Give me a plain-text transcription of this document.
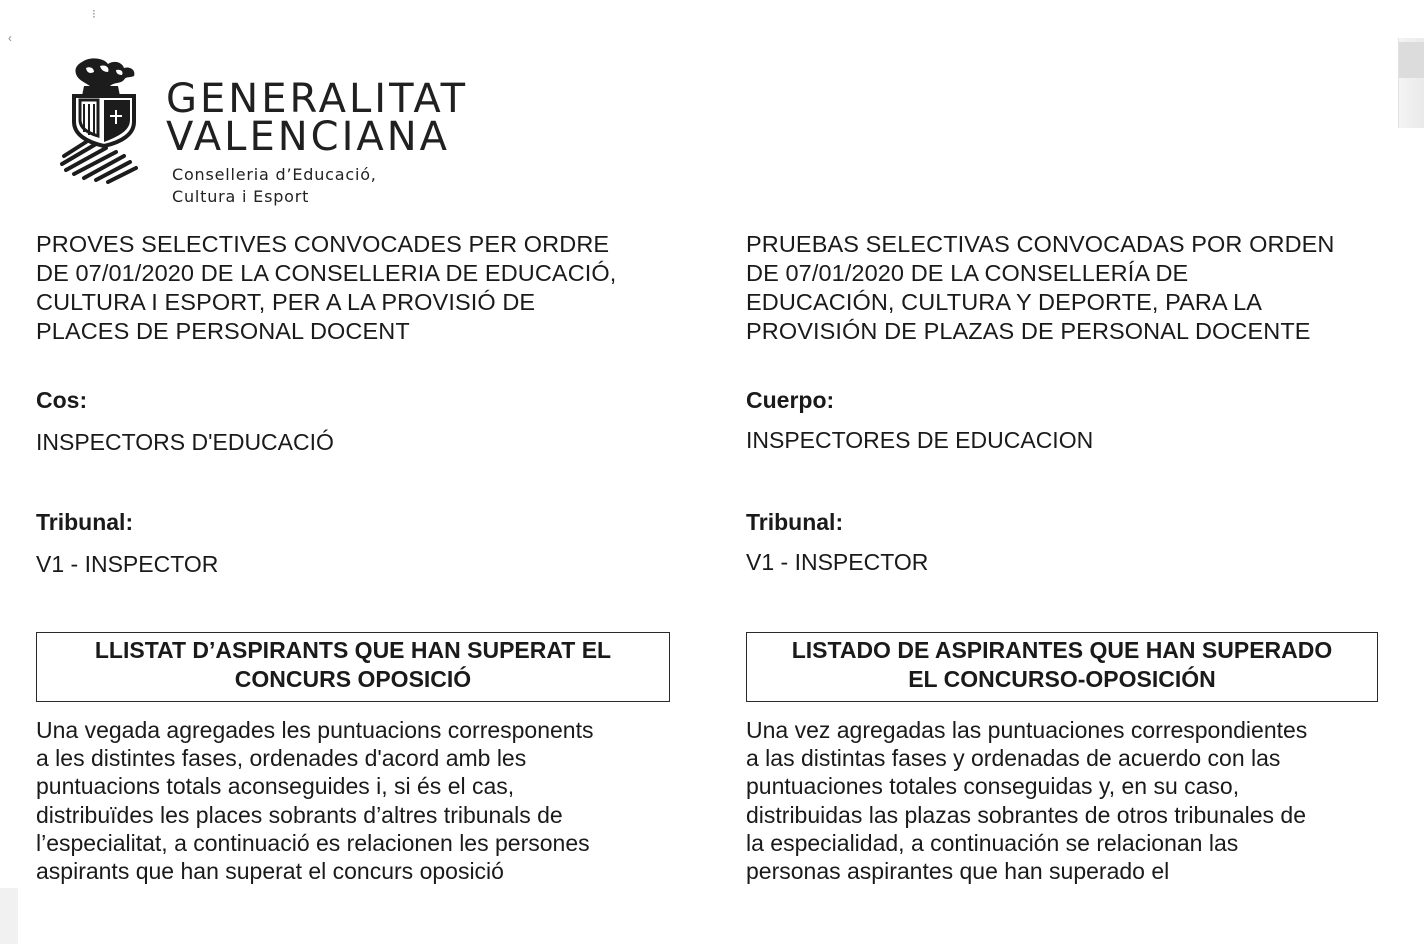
⁝
‹
GENERALITAT
VALENCIANA
Conselleria d’Educació,
Cultura i Esport

PROVES SELECTIVES CONVOCADES PER ORDRE
DE 07/01/2020 DE LA CONSELLERIA DE EDUCACIÓ,
CULTURA I ESPORT, PER A LA PROVISIÓ DE
PLACES DE PERSONAL DOCENT

Cos:

INSPECTORS D'EDUCACIÓ

Tribunal:

V1 - INSPECTOR

LLISTAT D’ASPIRANTS QUE HAN SUPERAT EL
CONCURS OPOSICIÓ

Una vegada agregades les puntuacions corresponents
a les distintes fases, ordenades d'acord amb les
puntuacions totals aconseguides i, si és el cas,
distribuïdes les places sobrants d’altres tribunals de
l’especialitat, a continuació es relacionen les persones
aspirants que han superat el concurs oposició

PRUEBAS SELECTIVAS CONVOCADAS POR ORDEN
DE 07/01/2020 DE LA CONSELLERÍA DE
EDUCACIÓN, CULTURA Y DEPORTE, PARA LA
PROVISIÓN DE PLAZAS DE PERSONAL DOCENTE

Cuerpo:

INSPECTORES DE EDUCACION

Tribunal:

V1 - INSPECTOR

LISTADO DE ASPIRANTES QUE HAN SUPERADO
EL CONCURSO-OPOSICIÓN

Una vez agregadas las puntuaciones correspondientes
a las distintas fases y ordenadas de acuerdo con las
puntuaciones totales conseguidas y, en su caso,
distribuidas las plazas sobrantes de otros tribunales de
la especialidad, a continuación se relacionan las
personas aspirantes que han superado el
